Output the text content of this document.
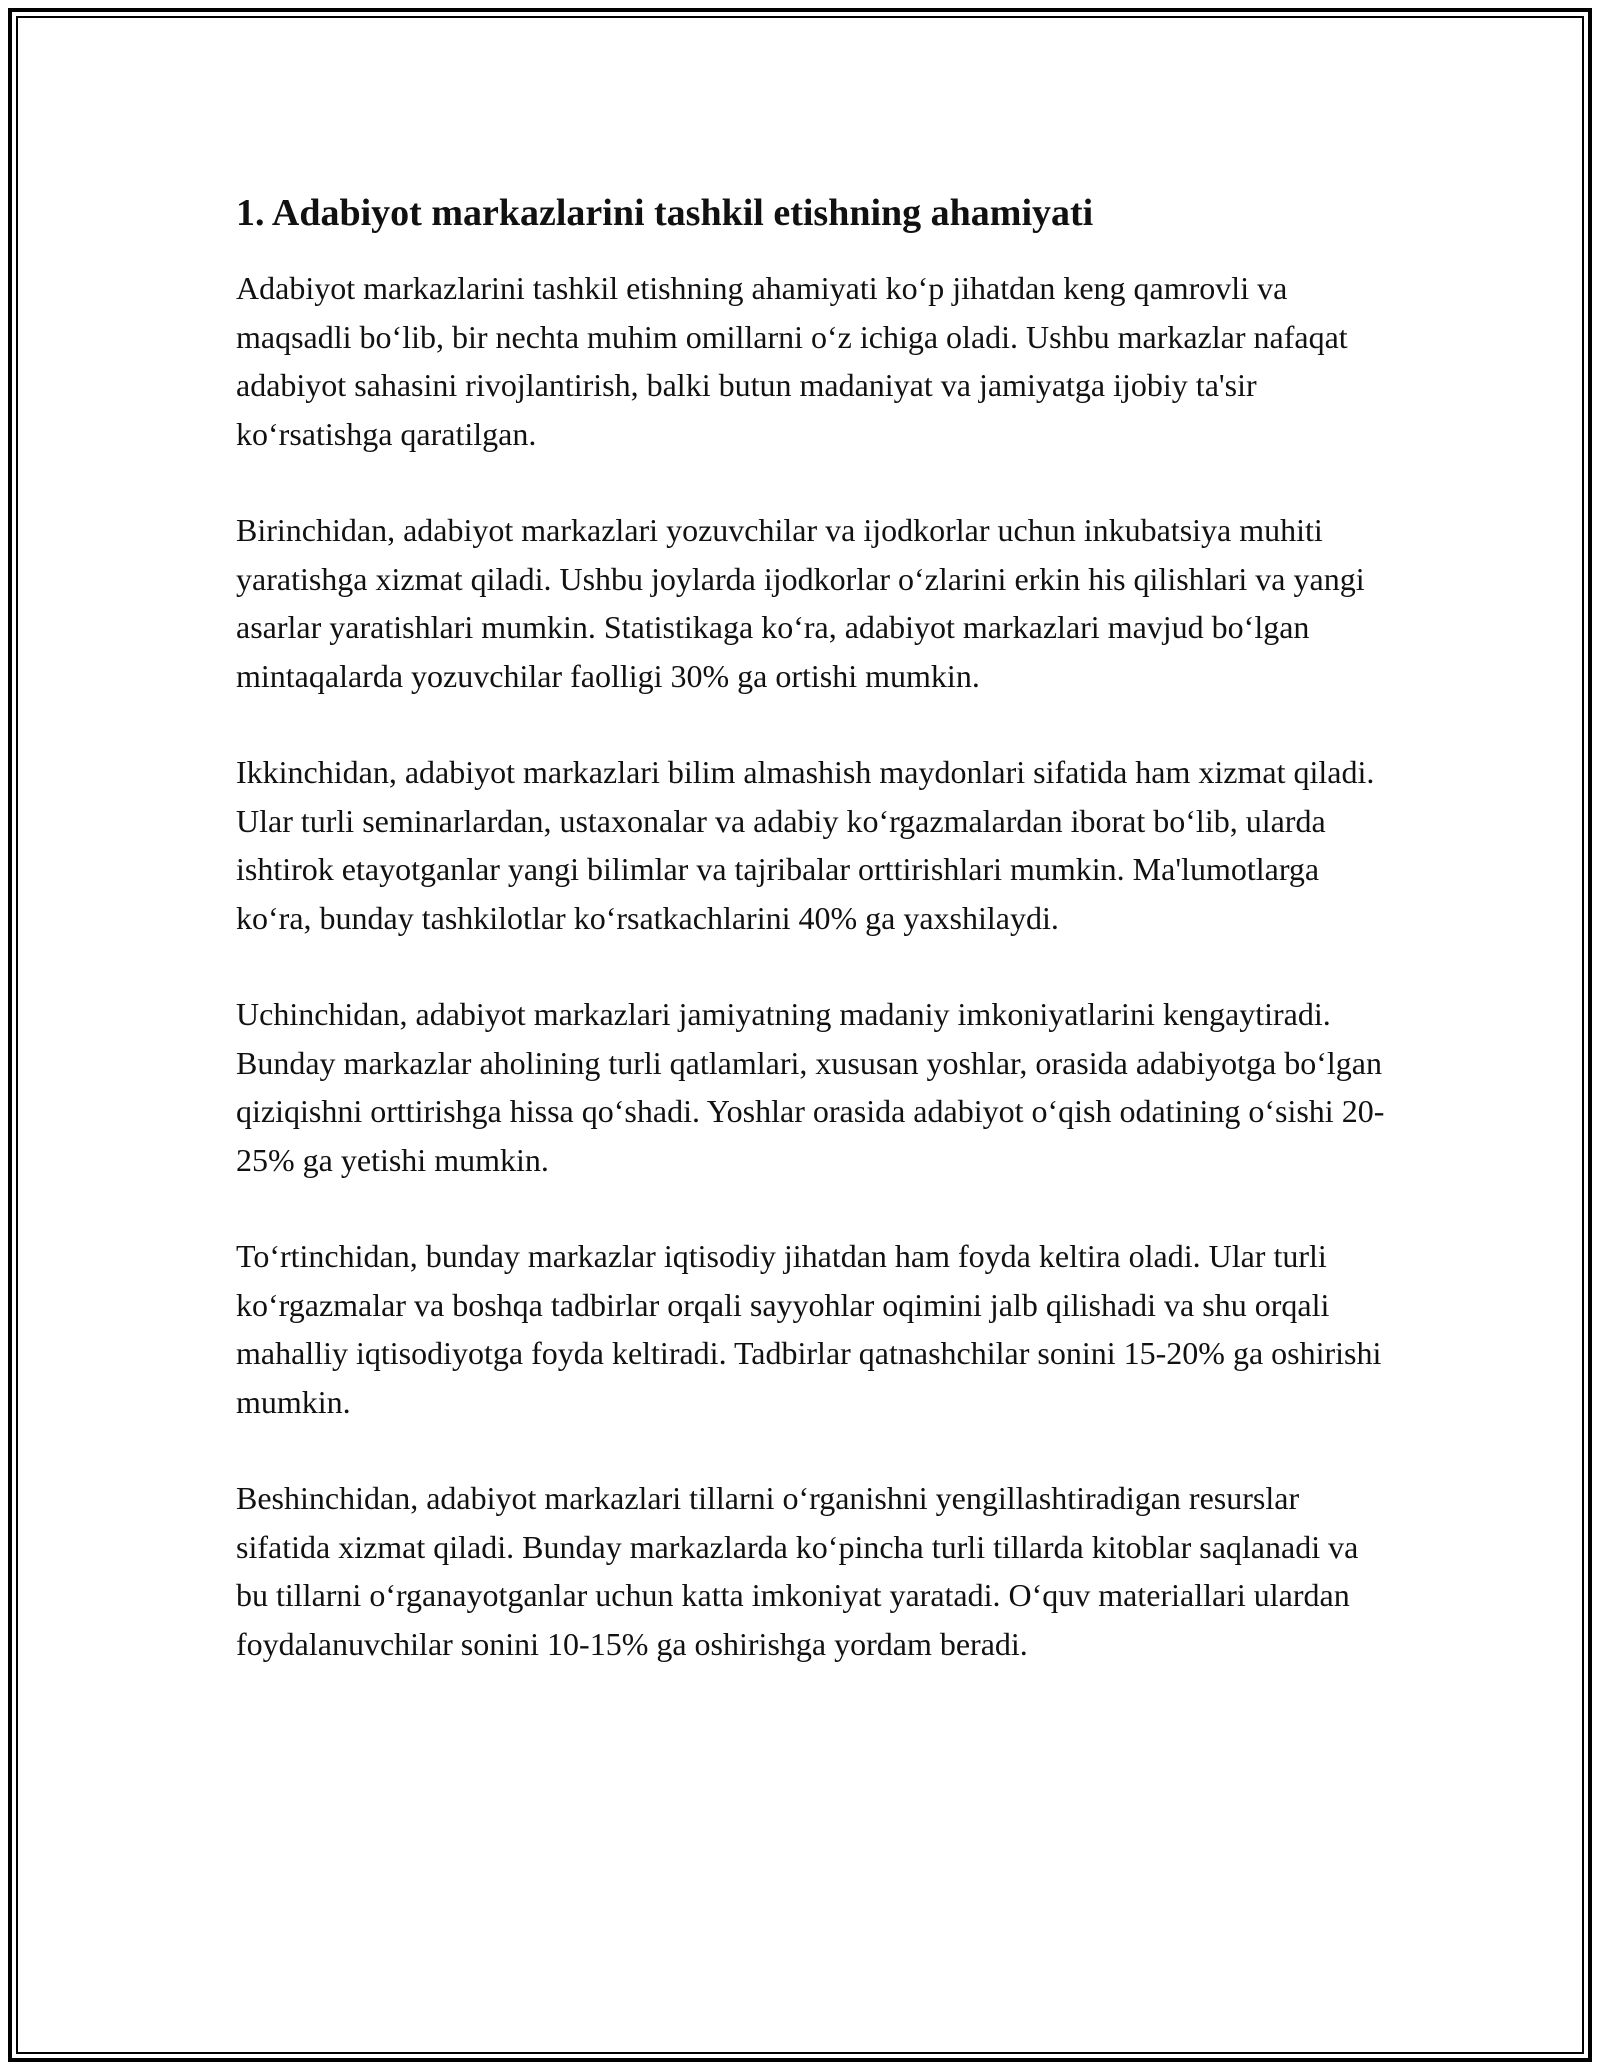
1. Adabiyot markazlarini tashkil etishning ahamiyati

Adabiyot markazlarini tashkil etishning ahamiyati ko‘p jihatdan keng qamrovli va maqsadli bo‘lib, bir nechta muhim omillarni o‘z ichiga oladi. Ushbu markazlar nafaqat adabiyot sahasini rivojlantirish, balki butun madaniyat va jamiyatga ijobiy ta'sir ko‘rsatishga qaratilgan.

Birinchidan, adabiyot markazlari yozuvchilar va ijodkorlar uchun inkubatsiya muhiti yaratishga xizmat qiladi. Ushbu joylarda ijodkorlar o‘zlarini erkin his qilishlari va yangi asarlar yaratishlari mumkin. Statistikaga ko‘ra, adabiyot markazlari mavjud bo‘lgan mintaqalarda yozuvchilar faolligi 30% ga ortishi mumkin.

Ikkinchidan, adabiyot markazlari bilim almashish maydonlari sifatida ham xizmat qiladi. Ular turli seminarlardan, ustaxonalar va adabiy ko‘rgazmalardan iborat bo‘lib, ularda ishtirok etayotganlar yangi bilimlar va tajribalar orttirishlari mumkin. Ma'lumotlarga ko‘ra, bunday tashkilotlar ko‘rsatkachlarini 40% ga yaxshilaydi.

Uchinchidan, adabiyot markazlari jamiyatning madaniy imkoniyatlarini kengaytiradi. Bunday markazlar aholining turli qatlamlari, xususan yoshlar, orasida adabiyotga bo‘lgan qiziqishni orttirishga hissa qo‘shadi. Yoshlar orasida adabiyot o‘qish odatining o‘sishi 20-25% ga yetishi mumkin.

To‘rtinchidan, bunday markazlar iqtisodiy jihatdan ham foyda keltira oladi. Ular turli ko‘rgazmalar va boshqa tadbirlar orqali sayyohlar oqimini jalb qilishadi va shu orqali mahalliy iqtisodiyotga foyda keltiradi. Tadbirlar qatnashchilar sonini 15-20% ga oshirishi mumkin.

Beshinchidan, adabiyot markazlari tillarni o‘rganishni yengillashtiradigan resurslar sifatida xizmat qiladi. Bunday markazlarda ko‘pincha turli tillarda kitoblar saqlanadi va bu tillarni o‘rganayotganlar uchun katta imkoniyat yaratadi. O‘quv materiallari ulardan foydalanuvchilar sonini 10-15% ga oshirishga yordam beradi.
